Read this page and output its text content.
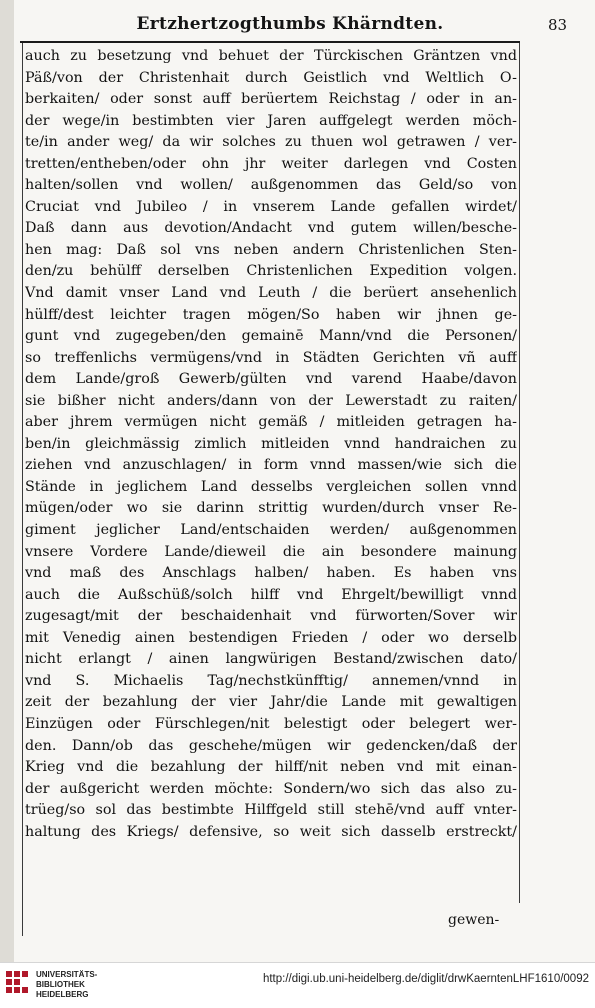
Ertzhertzogthumbs Khärndten.	83
auch zu besetzung vnd behuet der Türckischen Gräntzen vnd
Päß/von der Christenhait durch Geistlich vnd Weltlich O-
berkaiten/ oder sonst auff berüertem Reichstag / oder in an-
der wege/in bestimbten vier Jaren auffgelegt werden möch-
te/in ander weg/ da wir solches zu thuen wol getrawen / ver-
tretten/entheben/oder ohn jhr weiter darlegen vnd Costen
halten/sollen vnd wollen/ außgenommen das Geld/so von
Cruciat vnd Jubileo / in vnserem Lande gefallen wirdet/
Daß dann aus devotion/Andacht vnd gutem willen/besche-
hen mag: Daß sol vns neben andern Christenlichen Sten-
den/zu behülff derselben Christenlichen Expedition volgen.
Vnd damit vnser Land vnd Leuth / die berüert ansehenlich
hülff/dest leichter tragen mögen/So haben wir jhnen ge-
gunt vnd zugegeben/den gemainē Mann/vnd die Personen/
so treffenlichs vermügens/vnd in Städten Gerichten vñ auff
dem Lande/groß Gewerb/gülten vnd varend Haabe/davon
sie bißher nicht anders/dann von der Lewerstadt zu raiten/
aber jhrem vermügen nicht gemäß / mitleiden getragen ha-
ben/in gleichmässig zimlich mitleiden vnnd handraichen zu
ziehen vnd anzuschlagen/ in form vnnd massen/wie sich die
Stände in jeglichem Land desselbs vergleichen sollen vnnd
mügen/oder wo sie darinn strittig wurden/durch vnser Re-
giment jeglicher Land/entschaiden werden/ außgenommen
vnsere Vordere Lande/dieweil die ain besondere mainung
vnd maß des Anschlags halben/ haben. Es haben vns
auch die Außschüß/solch hilff vnd Ehrgelt/bewilligt vnnd
zugesagt/mit der beschaidenhait vnd fürworten/Sover wir
mit Venedig ainen bestendigen Frieden / oder wo derselb
nicht erlangt / ainen langwürigen Bestand/zwischen dato/
vnd S. Michaelis Tag/nechstkünfftig/ annemen/vnnd in
zeit der bezahlung der vier Jahr/die Lande mit gewaltigen
Einzügen oder Fürschlegen/nit belestigt oder belegert wer-
den. Dann/ob das geschehe/mügen wir gedencken/daß der
Krieg vnd die bezahlung der hilff/nit neben vnd mit einan-
der außgericht werden möchte: Sondern/wo sich das also zu-
trüeg/so sol das bestimbte Hilffgeld still stehē/vnd auff vnter-
haltung des Kriegs/ defensive, so weit sich dasselb erstreckt/
gewen-
UNIVERSITÄTS-
BIBLIOTHEK
HEIDELBERG
http://digi.ub.uni-heidelberg.de/diglit/drwKaerntenLHF1610/0092
